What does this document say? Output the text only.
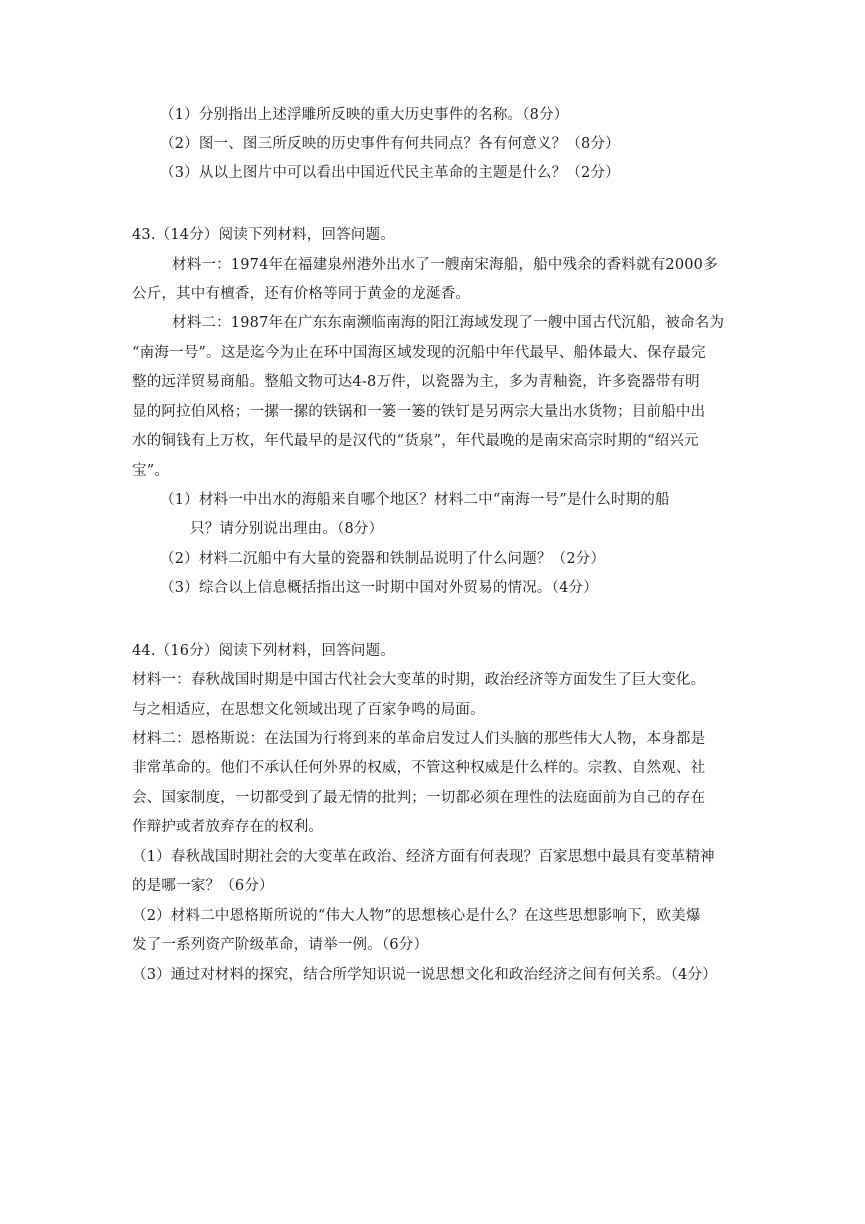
（1）分别指出上述浮雕所反映的重大历史事件的名称。（8分）
（2）图一、图三所反映的历史事件有何共同点？各有何意义？（8分）
（3）从以上图片中可以看出中国近代民主革命的主题是什么？（2分）
43.（14分）阅读下列材料，回答问题。
材料一：1974年在福建泉州港外出水了一艘南宋海船，船中残余的香料就有2000多
公斤，其中有檀香，还有价格等同于黄金的龙涎香。
材料二：1987年在广东东南濒临南海的阳江海域发现了一艘中国古代沉船，被命名为
“南海一号”。这是迄今为止在环中国海区域发现的沉船中年代最早、船体最大、保存最完
整的远洋贸易商船。整船文物可达4-8万件，以瓷器为主，多为青釉瓷，许多瓷器带有明
显的阿拉伯风格；一摞一摞的铁锅和一篓一篓的铁钉是另两宗大量出水货物；目前船中出
水的铜钱有上万枚，年代最早的是汉代的“货泉”，年代最晚的是南宋高宗时期的“绍兴元
宝”。
（1）材料一中出水的海船来自哪个地区？材料二中“南海一号”是什么时期的船
只？请分别说出理由。（8分）
（2）材料二沉船中有大量的瓷器和铁制品说明了什么问题？（2分）
（3）综合以上信息概括指出这一时期中国对外贸易的情况。（4分）
44.（16分）阅读下列材料，回答问题。
材料一：春秋战国时期是中国古代社会大变革的时期，政治经济等方面发生了巨大变化。
与之相适应，在思想文化领域出现了百家争鸣的局面。
材料二：恩格斯说：在法国为行将到来的革命启发过人们头脑的那些伟大人物，本身都是
非常革命的。他们不承认任何外界的权威，不管这种权威是什么样的。宗教、自然观、社
会、国家制度，一切都受到了最无情的批判；一切都必须在理性的法庭面前为自己的存在
作辩护或者放弃存在的权利。
（1）春秋战国时期社会的大变革在政治、经济方面有何表现？百家思想中最具有变革精神
的是哪一家？（6分）
（2）材料二中恩格斯所说的“伟大人物”的思想核心是什么？在这些思想影响下，欧美爆
发了一系列资产阶级革命，请举一例。（6分）
（3）通过对材料的探究，结合所学知识说一说思想文化和政治经济之间有何关系。（4分）
